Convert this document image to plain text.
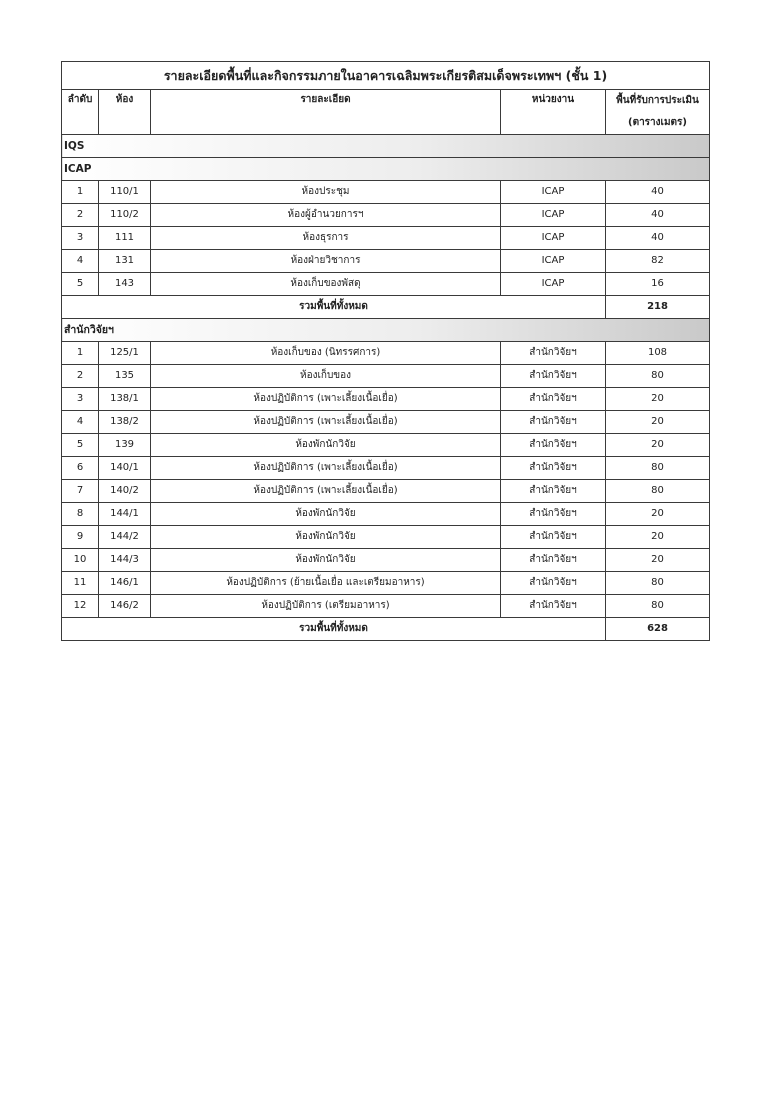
รายละเอียดพื้นที่และกิจกรรมภายในอาคารเฉลิมพระเกียรติสมเด็จพระเทพฯ (ชั้น 1)				
ลำดับ	ห้อง	รายละเอียด	หน่วยงาน	พื้นที่รับการประเมิน
(ตารางเมตร)

IQS				
ICAP				
1	110/1	ห้องประชุม	ICAP	40
2	110/2	ห้องผู้อำนวยการฯ	ICAP	40
3	111	ห้องธุรการ	ICAP	40
4	131	ห้องฝ่ายวิชาการ	ICAP	82
5	143	ห้องเก็บของพัสดุ	ICAP	16
รวมพื้นที่ทั้งหมด				218
สำนักวิจัยฯ				
1	125/1	ห้องเก็บของ (นิทรรศการ)	สำนักวิจัยฯ	108
2	135	ห้องเก็บของ	สำนักวิจัยฯ	80
3	138/1	ห้องปฏิบัติการ (เพาะเลี้ยงเนื้อเยื่อ)	สำนักวิจัยฯ	20
4	138/2	ห้องปฏิบัติการ (เพาะเลี้ยงเนื้อเยื่อ)	สำนักวิจัยฯ	20
5	139	ห้องพักนักวิจัย	สำนักวิจัยฯ	20
6	140/1	ห้องปฏิบัติการ (เพาะเลี้ยงเนื้อเยื่อ)	สำนักวิจัยฯ	80
7	140/2	ห้องปฏิบัติการ (เพาะเลี้ยงเนื้อเยื่อ)	สำนักวิจัยฯ	80
8	144/1	ห้องพักนักวิจัย	สำนักวิจัยฯ	20
9	144/2	ห้องพักนักวิจัย	สำนักวิจัยฯ	20
10	144/3	ห้องพักนักวิจัย	สำนักวิจัยฯ	20
11	146/1	ห้องปฏิบัติการ (ย้ายเนื้อเยื่อ และเตรียมอาหาร)	สำนักวิจัยฯ	80
12	146/2	ห้องปฏิบัติการ (เตรียมอาหาร)	สำนักวิจัยฯ	80
รวมพื้นที่ทั้งหมด				628
